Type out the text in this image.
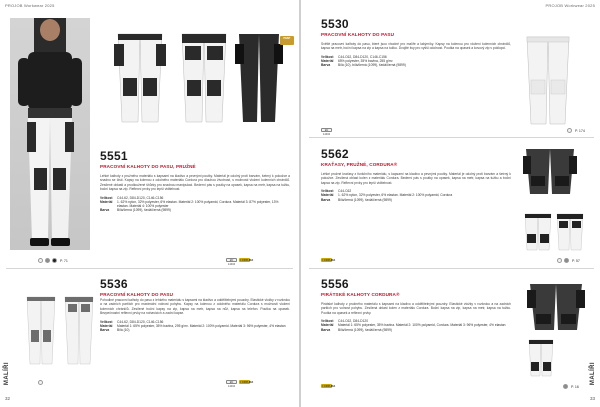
PROJOB Workwear 2025
PAINT
5551
PRACOVNÍ KALHOTY DO PASU, PRUŽNÉ
Lehké kalhoty z pružného materiálu s kapsami na kladivo a pevnými poutky. Materiál je odolný proti barvám, šetrný k pokožce a snadno se čistí. Kapsy na kolenou z odolného materiálu Cordura pro dlouhou životnost, s možností vložení kolenních chráničů. Zesílené oblasti a prodloužené šňůrky pro snadnou manipulaci. Bederní pás s poutky na opasek, kapsa na metr, kapsa na tužku, boční kapsa na zip. Reflexní prvky pro lepší viditelnost.
Velikost	C44-62, D84-D120, C146-C156
Materiál	1. 62% nylon, 32% polyester, 6% elastan. Materiál 2: 100% polyamid, Cordura. Materiál 3: 87% polyester, 13% elastan. Materiál 4: 100% polyester
Barva	Bílá/černá (1099), šedá/černá (9899)
P. 71	EN 14404
CORDURA
5536
PRACOVNÍ KALHOTY DO PASU
Pohodlné pracovní kalhoty do pasu z lehkého materiálu s kapsami na kladivo a oddělitelnými pouzdry. Elastické vložky v rozkroku a na zadních partiích pro maximální volnost pohybu. Kapsy na kolenou z odolného materiálu Cordura s možností vložení kolenních chráničů. Zesílené boční kapsy na zip, kapsa na metr, kapsa na nůž, kapsa na telefon. Poutka na opasek. Bezpečnostní reflexní prvky na nohavicích a zadní kapse.
Velikost	C44-62, D84-D120, C146-C156
Materiál	Materiál 1: 65% polyester, 35% bavlna, 295 g/m². Materiál 2: 100% polyamid. Materiál 3: 96% polyester, 4% elastan
Barva	Bílá (10)
EN 14404
CORDURA
MALÍŘI
32
PROJOB Workwear 2025
5530
PRACOVNÍ KALHOTY DO PASU
Světlé pracovní kalhoty do pasu, které jsou vhodné pro malíře a lakýrníky. Kapsy na kolenou pro vložení kolenních chráničů, kapsa na metr, boční kapsa na zip a kapsa na tužku. Dvojité švy pro vyšší odolnost. Poutka na opasek a kovový zip v poklopci.
Velikost	C44-C62, D84-D120, C146-C156
Materiál	65% polyester, 35% bavlna, 255 g/m²
Barva	Bílá (10), bílá/černá (1099), šedá/černá (9899)
P. 174
EN 14404
5562
KRAŤASY, PRUŽNÉ, CORDURA®
Lehké pružné kraťasy z funkčního materiálu, s kapsami na kladivo a pevnými poutky. Materiál je odolný proti barvám a šetrný k pokožce. Zesílená oblast kolen z materiálu Cordura. Bederní pás s poutky na opasek, kapsa na metr, kapsa na tužku a boční kapsa na zip. Reflexní prvky pro lepší viditelnost.
Velikost	C44-C62
Materiál	1. 62% nylon, 32% polyester, 6% elastan. Materiál 2: 100% polyamid, Cordura
Barva	Bílá/černá (1099), šedá/černá (9899)
P. 57
CORDURA
5556
PIRÁTSKÉ KALHOTY CORDURA®
Pirátské kalhoty z pružného materiálu s kapsami na kladivo a oddělitelnými pouzdry. Elastické vložky v rozkroku a na zadních partiích pro volnost pohybu. Zesílená oblast kolen z materiálu Cordura. Boční kapsa na zip, kapsa na metr, kapsa na tužku. Poutka na opasek a reflexní prvky.
Velikost	C44-C62, D84-D120
Materiál	Materiál 1: 65% polyester, 35% bavlna. Materiál 2: 100% polyamid, Cordura. Materiál 3: 96% polyester, 4% elastan
Barva	Bílá/černá (1099), šedá/černá (9899)
P. 16
CORDURA
MALÍŘI
33
